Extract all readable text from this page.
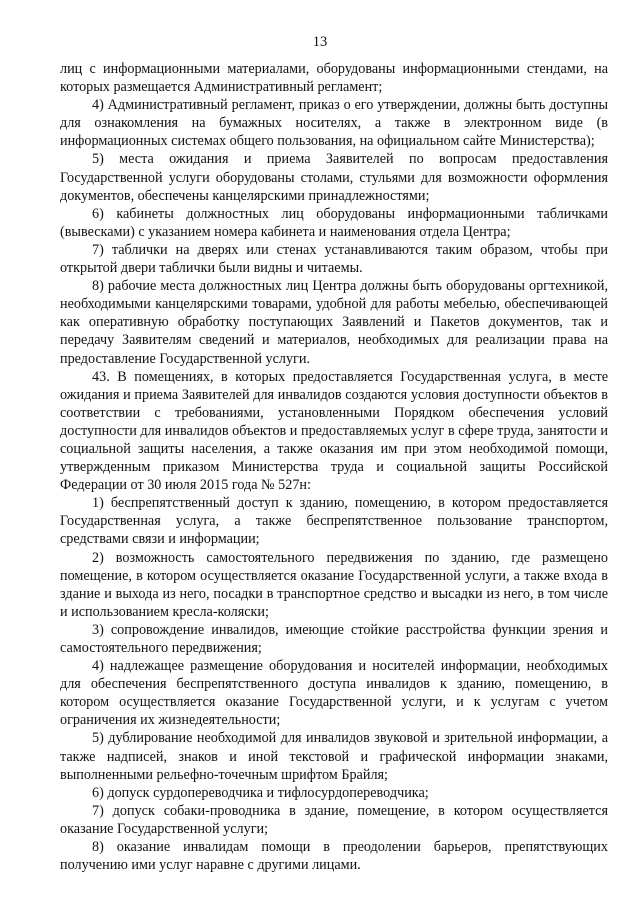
13

лиц с информационными материалами, оборудованы информационными стендами, на которых размещается Административный регламент;

4) Административный регламент, приказ о его утверждении, должны быть доступны для ознакомления на бумажных носителях, а также в электронном виде (в информационных системах общего пользования, на официальном сайте Министерства);

5) места ожидания и приема Заявителей по вопросам предоставления Государственной услуги оборудованы столами, стульями для возможности оформления документов, обеспечены канцелярскими принадлежностями;

6) кабинеты должностных лиц оборудованы информационными табличками (вывесками) с указанием номера кабинета и наименования отдела Центра;

7) таблички на дверях или стенах устанавливаются таким образом, чтобы при открытой двери таблички были видны и читаемы.

8) рабочие места должностных лиц Центра должны быть оборудованы оргтехникой, необходимыми канцелярскими товарами, удобной для работы мебелью, обеспечивающей как оперативную обработку поступающих Заявлений и Пакетов документов, так и передачу Заявителям сведений и материалов, необходимых для реализации права на предоставление Государственной услуги.

43. В помещениях, в которых предоставляется Государственная услуга, в месте ожидания и приема Заявителей для инвалидов создаются условия доступности объектов в соответствии с требованиями, установленными Порядком обеспечения условий доступности для инвалидов объектов и предоставляемых услуг в сфере труда, занятости и социальной защиты населения, а также оказания им при этом необходимой помощи, утвержденным приказом Министерства труда и социальной защиты Российской Федерации от 30 июля 2015 года № 527н:

1) беспрепятственный доступ к зданию, помещению, в котором предоставляется Государственная услуга, а также беспрепятственное пользование транспортом, средствами связи и информации;

2) возможность самостоятельного передвижения по зданию, где размещено помещение, в котором осуществляется оказание Государственной услуги, а также входа в здание и выхода из него, посадки в транспортное средство и высадки из него, в том числе и использованием кресла-коляски;

3) сопровождение инвалидов, имеющие стойкие расстройства функции зрения и самостоятельного передвижения;

4) надлежащее размещение оборудования и носителей информации, необходимых для обеспечения беспрепятственного доступа инвалидов к зданию, помещению, в котором осуществляется оказание Государственной услуги, и к услугам с учетом ограничения их жизнедеятельности;

5) дублирование необходимой для инвалидов звуковой и зрительной информации, а также надписей, знаков и иной текстовой и графической информации знаками, выполненными рельефно-точечным шрифтом Брайля;

6) допуск сурдопереводчика и тифлосурдопереводчика;

7) допуск собаки-проводника в здание, помещение, в котором осуществляется оказание Государственной услуги;

8) оказание инвалидам помощи в преодолении барьеров, препятствующих получению ими услуг наравне с другими лицами.
